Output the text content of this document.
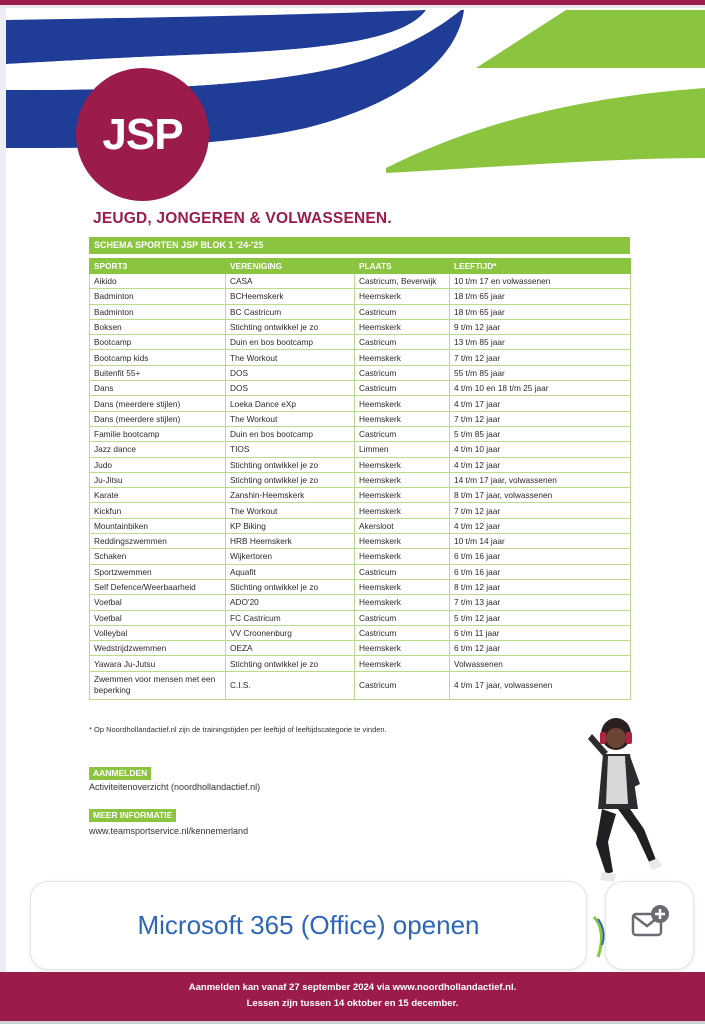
JSP
JEUGD, JONGEREN & VOLWASSENEN.
SCHEMA SPORTEN JSP BLOK 1 '24-'25
SPORT3	VERENIGING	PLAATS	LEEFTIJD*
Aikido	CASA	Castricum, Beverwijk	10 t/m 17 en volwassenen
Badminton	BCHeemskerk	Heemskerk	18 t/m 65 jaar
Badminton	BC Castricum	Castricum	18 t/m 65 jaar
Boksen	Stichting ontwikkel je zo	Heemskerk	9 t/m 12 jaar
Bootcamp	Duin en bos bootcamp	Castricum	13 t/m 85 jaar
Bootcamp kids	The Workout	Heemskerk	7 t/m 12 jaar
Buitenfit 55+	DOS	Castricum	55 t/m 85 jaar
Dans	DOS	Castricum	4 t/m 10 en 18 t/m 25 jaar
Dans (meerdere stijlen)	Loeka Dance eXp	Heemskerk	4 t/m 17 jaar
Dans (meerdere stijlen)	The Workout	Heemskerk	7 t/m 12 jaar
Familie bootcamp	Duin en bos bootcamp	Castricum	5 t/m 85 jaar
Jazz dance	TIOS	Limmen	4 t/m 10 jaar
Judo	Stichting ontwikkel je zo	Heemskerk	4 t/m 12 jaar
Ju-Jitsu	Stichting ontwikkel je zo	Heemskerk	14 t/m 17 jaar, volwassenen
Karate	Zanshin-Heemskerk	Heemskerk	8 t/m 17 jaar, volwassenen
Kickfun	The Workout	Heemskerk	7 t/m 12 jaar
Mountainbiken	KP Biking	Akersloot	4 t/m 12 jaar
Reddingszwemmen	HRB Heemskerk	Heemskerk	10 t/m 14 jaar
Schaken	Wijkertoren	Heemskerk	6 t/m 16 jaar
Sportzwemmen	Aquafit	Castricum	6 t/m 16 jaar
Self Defence/Weerbaarheid	Stichting ontwikkel je zo	Heemskerk	8 t/m 12 jaar
Voetbal	ADO'20	Heemskerk	7 t/m 13 jaar
Voetbal	FC Castricum	Castricum	5 t/m 12 jaar
Volleybal	VV Croonenburg	Castricum	6 t/m 11 jaar
Wedstrijdzwemmen	OEZA	Heemskerk	6 t/m 12 jaar
Yawara Ju-Jutsu	Stichting ontwikkel je zo	Heemskerk	Volwassenen
Zwemmen voor mensen met een beperking	C.I.S.	Castricum	4 t/m 17 jaar, volwassenen
* Op Noordhollandactief.nl zijn de trainingstijden per leeftijd of leeftijdscategorie te vinden.
AANMELDEN
Activiteitenoverzicht (noordhollandactief.nl)
MEER INFORMATIE
www.teamsportservice.nl/kennemerland
Microsoft 365 (Office) openen
Aanmelden kan vanaf 27 september 2024 via www.noordhollandactief.nl.
Lessen zijn tussen 14 oktober en 15 december.
